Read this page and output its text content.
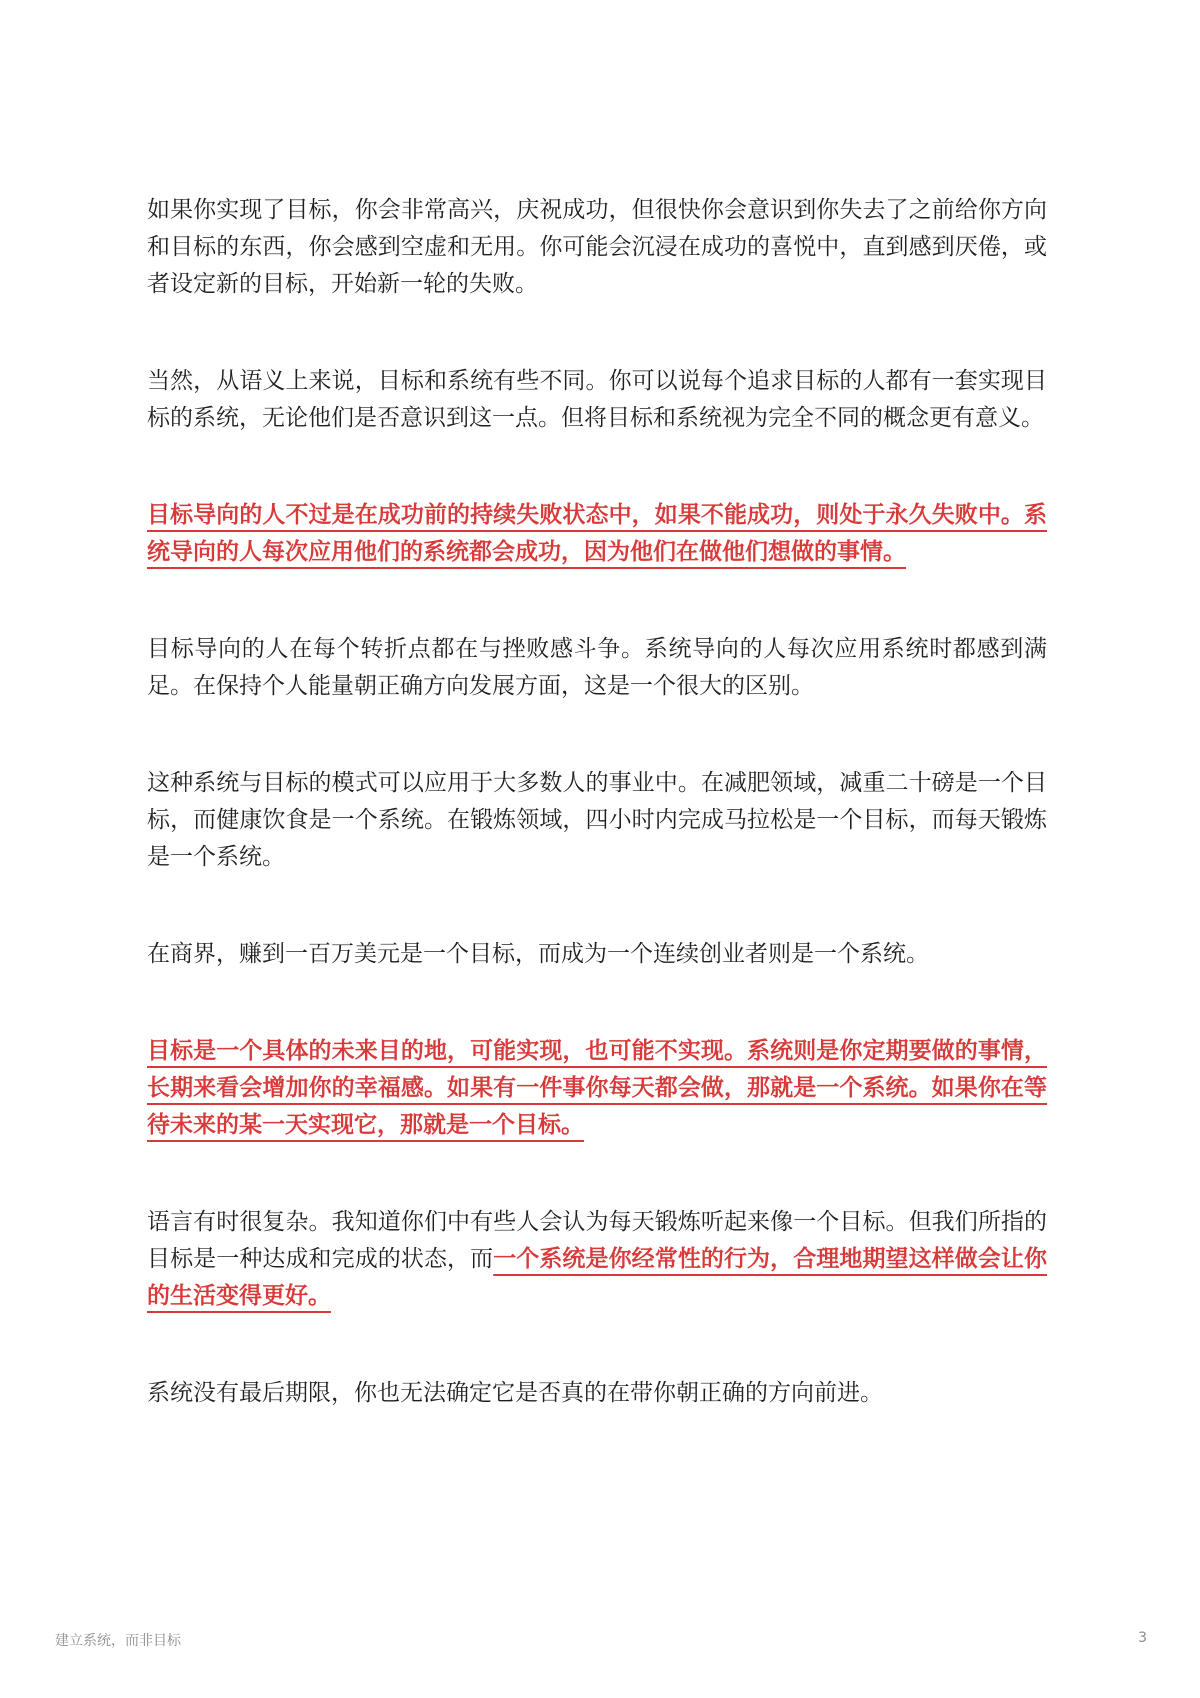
如果你实现了目标，你会非常高兴，庆祝成功，但很快你会意识到你失去了之前给你方向和目标的东西，你会感到空虚和无用。你可能会沉浸在成功的喜悦中，直到感到厌倦，或者设定新的目标，开始新一轮的失败。

当然，从语义上来说，目标和系统有些不同。你可以说每个追求目标的人都有一套实现目标的系统，无论他们是否意识到这一点。但将目标和系统视为完全不同的概念更有意义。

目标导向的人不过是在成功前的持续失败状态中，如果不能成功，则处于永久失败中。系统导向的人每次应用他们的系统都会成功，因为他们在做他们想做的事情。

目标导向的人在每个转折点都在与挫败感斗争。系统导向的人每次应用系统时都感到满足。在保持个人能量朝正确方向发展方面，这是一个很大的区别。

这种系统与目标的模式可以应用于大多数人的事业中。在减肥领域，减重二十磅是一个目标，而健康饮食是一个系统。在锻炼领域，四小时内完成马拉松是一个目标，而每天锻炼是一个系统。

在商界，赚到一百万美元是一个目标，而成为一个连续创业者则是一个系统。

目标是一个具体的未来目的地，可能实现，也可能不实现。系统则是你定期要做的事情，长期来看会增加你的幸福感。如果有一件事你每天都会做，那就是一个系统。如果你在等待未来的某一天实现它，那就是一个目标。

语言有时很复杂。我知道你们中有些人会认为每天锻炼听起来像一个目标。但我们所指的目标是一种达成和完成的状态，而一个系统是你经常性的行为，合理地期望这样做会让你的生活变得更好。

系统没有最后期限，你也无法确定它是否真的在带你朝正确的方向前进。

建立系统，而非目标	3
